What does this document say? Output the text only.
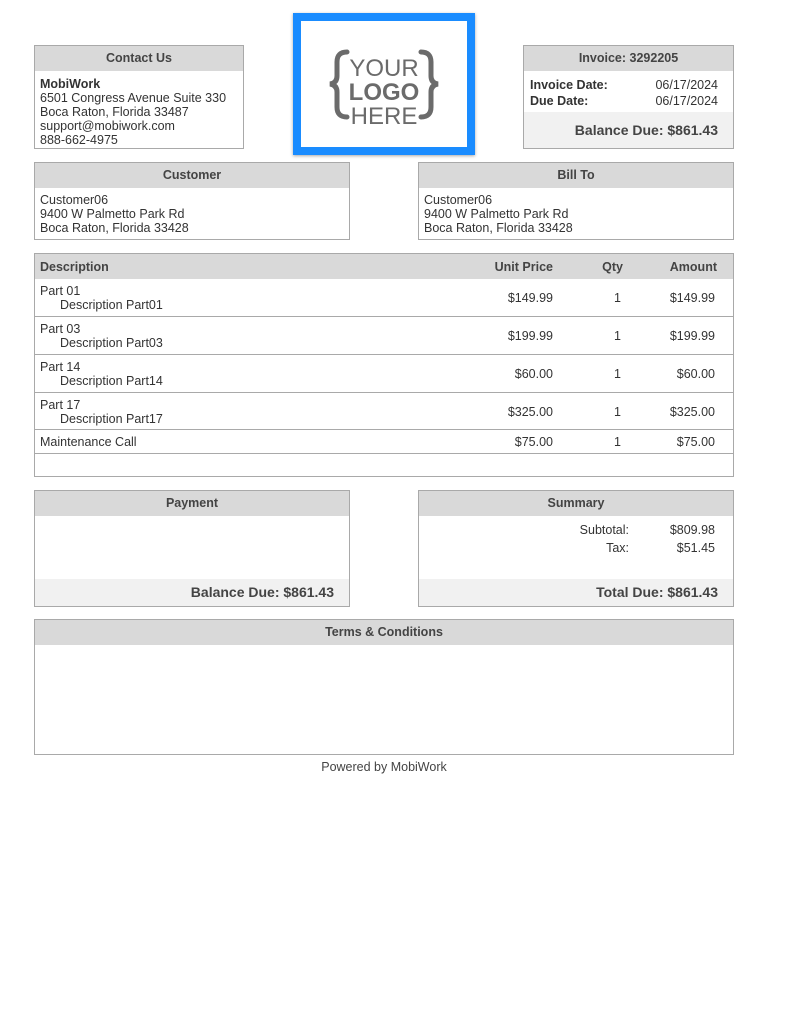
Contact Us
MobiWork
6501 Congress Avenue Suite 330
Boca Raton, Florida 33487
support@mobiwork.com
888-662-4975
YOUR
LOGO
HERE
Invoice: 3292205
Invoice Date:	06/17/2024
Due Date:	06/17/2024
Balance Due: $861.43
Customer
Customer06
9400 W Palmetto Park Rd
Boca Raton, Florida 33428
Bill To
Customer06
9400 W Palmetto Park Rd
Boca Raton, Florida 33428
Description	Unit Price	Qty	Amount
Part 01
Description Part01	$149.99	1	$149.99
Part 03
Description Part03	$199.99	1	$199.99
Part 14
Description Part14	$60.00	1	$60.00
Part 17
Description Part17	$325.00	1	$325.00
Maintenance Call	$75.00	1	$75.00
Payment
Balance Due: $861.43
Summary
Subtotal:	$809.98
Tax:	$51.45
Total Due: $861.43
Terms & Conditions
Powered by MobiWork
